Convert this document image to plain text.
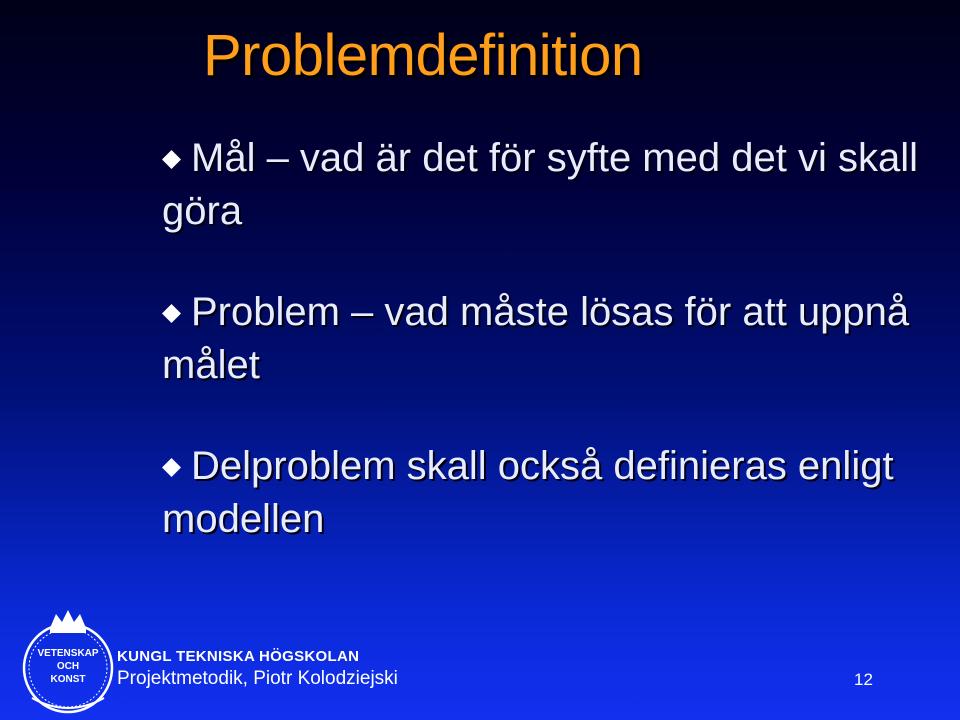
Problemdefinition
Mål – vad är det för syfte med det vi skall göra
Problem – vad måste lösas för att uppnå målet
Delproblem skall också definieras enligt modellen
VETENSKAP
OCH
KONST
KUNGL TEKNISKA HÖGSKOLAN
Projektmetodik, Piotr Kolodziejski	12
